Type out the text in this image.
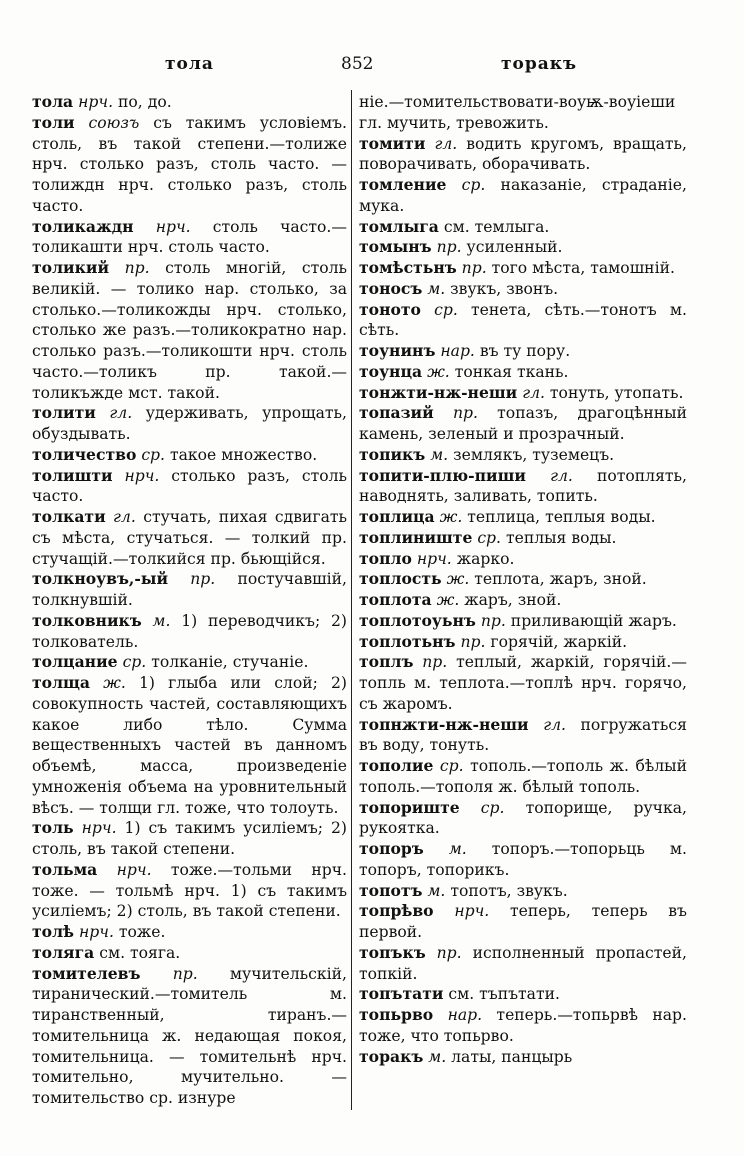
тола	852	торакъ
тола нрч. по, до.
толи союзъ съ такимъ условіемъ. столь, въ такой степени.—толиже нрч. столько разъ, столь часто. — толиждн нрч. столько разъ, столь часто.
толикаждн нрч. столь часто.—толикашти нрч. столь часто.
толикий пр. столь многій, столь великій. — толико нар. столько, за столько.—толикожды нрч. столько, столько же разъ.—толикократно нар. столько разъ.—толикошти нрч. столь часто.—толикъ пр. такой.—толикъжде мст. такой.
толити гл. удерживать, упрощать, обуздывать.
толичество ср. такое множество.
толишти нрч. столько разъ, столь часто.
толкати гл. стучать, пихая сдвигать съ мѣста, стучаться. — толкий пр. стучащій.—толкийся пр. бьющійся.
толкноувъ,-ый пр. постучавшій, толкнувшій.
толковникъ м. 1) переводчикъ; 2) толкователь.
толцание ср. толканіе, стучаніе.
толща ж. 1) глыба или слой; 2) совокупность частей, составляющихъ какое либо тѣло. Сумма вещественныхъ частей въ данномъ объемѣ, масса, произведеніе умноженія объема на уровнительный вѣсъ. — толщи гл. тоже, что толоуть.
толь нрч. 1) съ такимъ усиліемъ; 2) столь, въ такой степени.
тольма нрч. тоже.—тольми нрч. тоже. — тольмѣ нрч. 1) съ такимъ усиліемъ; 2) столь, въ такой степени.
толѣ нрч. тоже.
толяга см. тояга.
томителевъ пр. мучительскій, тиранический.—томитель м. тиранственный, тиранъ.—томительница ж. недающая покоя, томительница. — томительнѣ нрч. томительно, мучительно. — томительство ср. изнуре
ніе.—томительствовати-воуѭ-воуіеши гл. мучить, тревожить.
томити гл. водить кругомъ, вращать, поворачивать, оборачивать.
томление ср. наказаніе, страданіе, мука.
томлыга см. темлыга.
томынъ пр. усиленный.
томѣстьнъ пр. того мѣста, тамошній.
тоносъ м. звукъ, звонъ.
тоното ср. тенета, сѣть.—тонотъ м. сѣть.
тоунинъ нар. въ ту пору.
тоунца ж. тонкая ткань.
тонжти-нж-неши гл. тонуть, утопать.
топазий пр. топазъ, драгоцѣнный камень, зеленый и прозрачный.
топикъ м. землякъ, туземецъ.
топити-плю-пиши гл. потоплять, наводнять, заливать, топить.
топлица ж. теплица, теплыя воды.
топлиниште ср. теплыя воды.
топло нрч. жарко.
топлость ж. теплота, жаръ, зной.
топлота ж. жаръ, зной.
топлотоуьнъ пр. приливающій жаръ.
топлотьнъ пр. горячій, жаркій.
топлъ пр. теплый, жаркій, горячій.— топль м. теплота.—топлѣ нрч. горячо, съ жаромъ.
топнжти-нж-неши гл. погружаться въ воду, тонуть.
тополие ср. тополь.—тополь ж. бѣлый тополь.—тополя ж. бѣлый тополь.
топориште ср. топорище, ручка, рукоятка.
топоръ м. топоръ.—топорьць м. топоръ, топорикъ.
топотъ м. топотъ, звукъ.
топрѣво нрч. теперь, теперь въ первой.
топъкъ пр. исполненный пропастей, топкій.
топътати см. тъпътати.
топьрво нар. теперь.—топьрвѣ нар. тоже, что топьрво.
торакъ м. латы, панцырь
